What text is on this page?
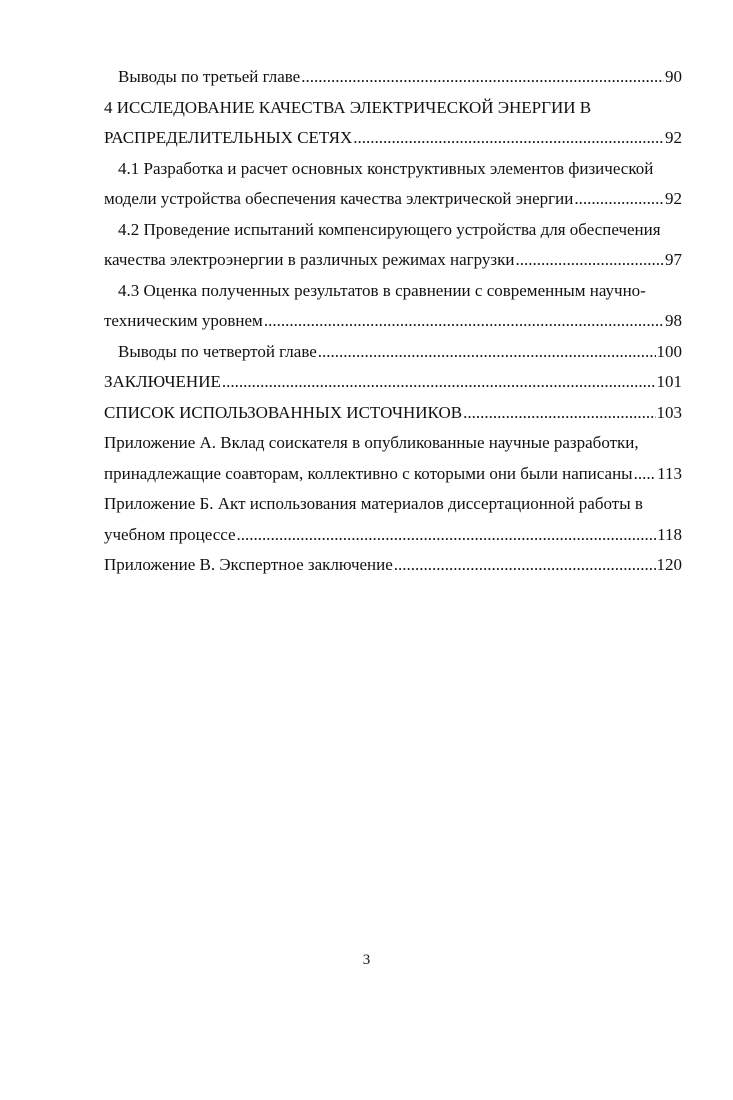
Выводы по третьей главе .....	90
4 ИССЛЕДОВАНИЕ КАЧЕСТВА ЭЛЕКТРИЧЕСКОЙ ЭНЕРГИИ В
РАСПРЕДЕЛИТЕЛЬНЫХ СЕТЯХ .....	92
4.1 Разработка и расчет основных конструктивных элементов физической
модели устройства обеспечения качества электрической энергии .....	92
4.2 Проведение испытаний компенсирующего устройства для обеспечения
качества электроэнергии в различных режимах нагрузки .....	97
4.3 Оценка полученных результатов в сравнении с современным научно-
техническим уровнем .....	98
Выводы по четвертой главе .....	100
ЗАКЛЮЧЕНИЕ .....	101
СПИСОК ИСПОЛЬЗОВАННЫХ ИСТОЧНИКОВ .....	103
Приложение А. Вклад соискателя в опубликованные научные разработки,
принадлежащие соавторам, коллективно с которыми они были написаны ..... 113
Приложение Б. Акт использования материалов диссертационной работы в
учебном процессе .....	118
Приложение В. Экспертное заключение .....	120
3
